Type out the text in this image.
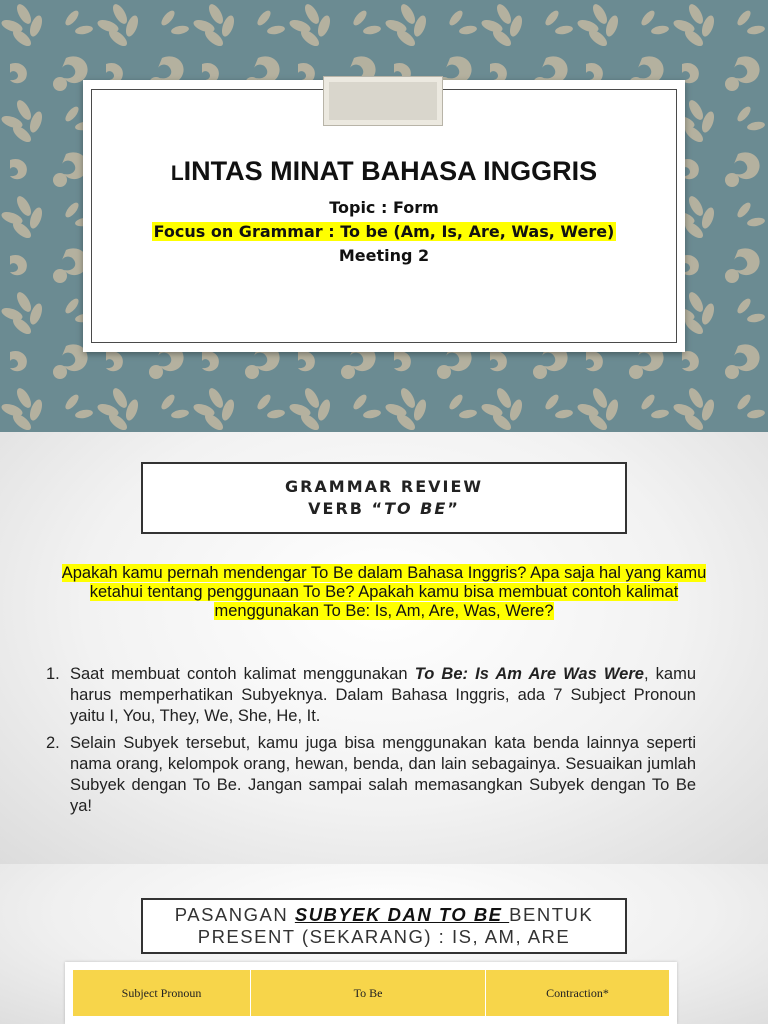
LINTAS MINAT BAHASA INGGRIS
Topic : Form
Focus on Grammar : To be (Am, Is, Are, Was, Were)
Meeting 2
GRAMMAR REVIEW
VERB “TO BE”
Apakah kamu pernah mendengar To Be dalam Bahasa Inggris? Apa saja hal yang kamu ketahui tentang penggunaan To Be? Apakah kamu bisa membuat contoh kalimat menggunakan To Be: Is, Am, Are, Was, Were?
1. Saat membuat contoh kalimat menggunakan To Be: Is Am Are Was Were, kamu harus memperhatikan Subyeknya. Dalam Bahasa Inggris, ada 7 Subject Pronoun yaitu I, You, They, We, She, He, It.
2. Selain Subyek tersebut, kamu juga bisa menggunakan kata benda lainnya seperti nama orang, kelompok orang, hewan, benda, dan lain sebagainya. Sesuaikan jumlah Subyek dengan To Be. Jangan sampai salah memasangkan Subyek dengan To Be ya!
PASANGAN SUBYEK DAN TO BE BENTUK
PRESENT (SEKARANG) : IS, AM, ARE
Subject Pronoun	To Be	Contraction*
